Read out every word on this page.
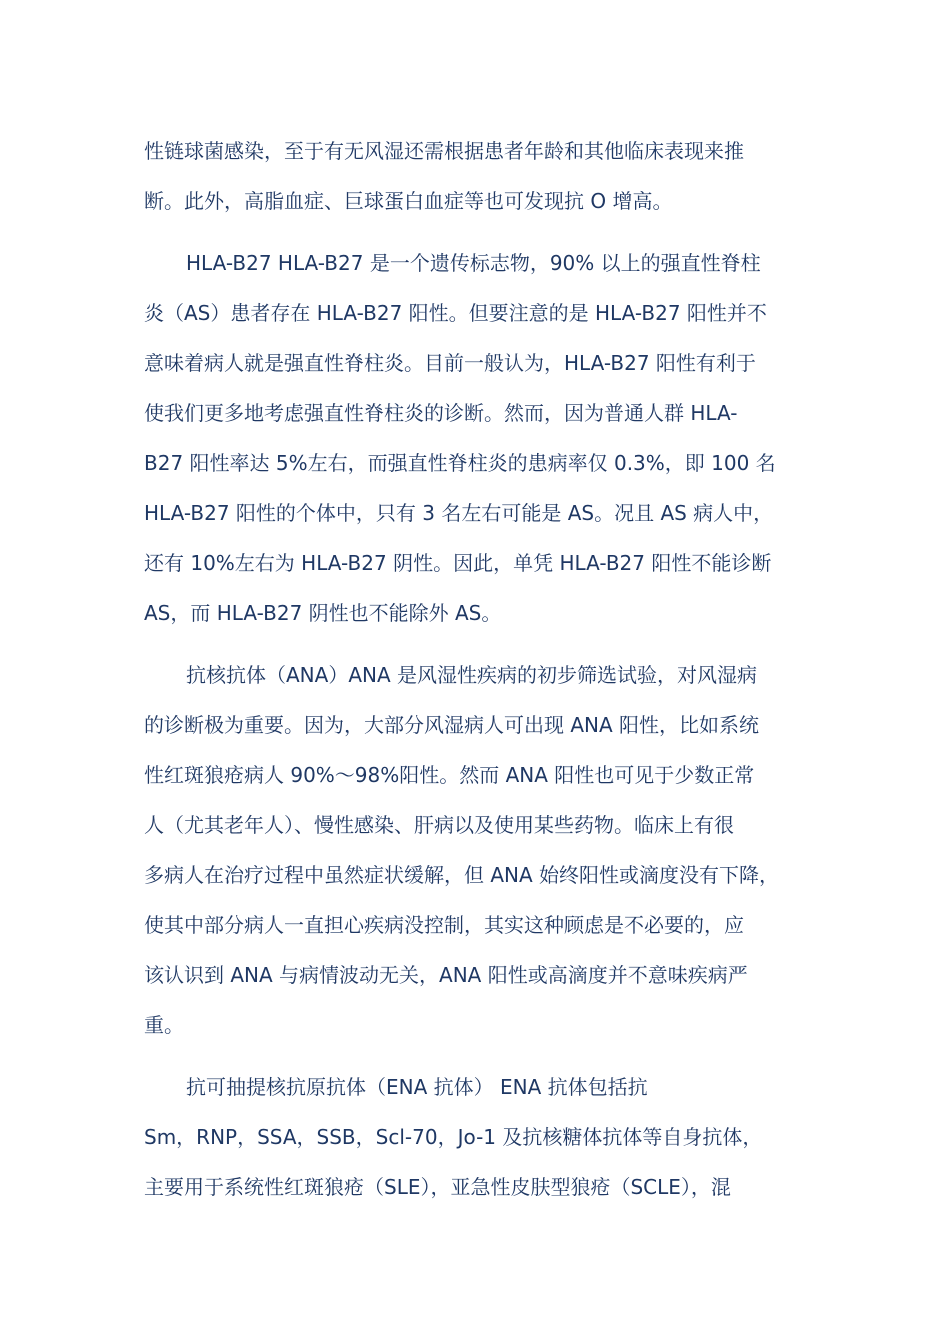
性链球菌感染，至于有无风湿还需根据患者年龄和其他临床表现来推
断。此外，高脂血症、巨球蛋白血症等也可发现抗 O 增高。
HLA-B27 HLA-B27 是一个遗传标志物，90% 以上的强直性脊柱
炎（AS）患者存在 HLA-B27 阳性。但要注意的是 HLA-B27 阳性并不
意味着病人就是强直性脊柱炎。目前一般认为，HLA-B27 阳性有利于
使我们更多地考虑强直性脊柱炎的诊断。然而，因为普通人群 HLA-
B27 阳性率达 5%左右，而强直性脊柱炎的患病率仅 0.3%，即 100 名
HLA-B27 阳性的个体中，只有 3 名左右可能是 AS。况且 AS 病人中，
还有 10%左右为 HLA-B27 阴性。因此，单凭 HLA-B27 阳性不能诊断
AS，而 HLA-B27 阴性也不能除外 AS。
抗核抗体（ANA）ANA 是风湿性疾病的初步筛选试验，对风湿病
的诊断极为重要。因为，大部分风湿病人可出现 ANA 阳性，比如系统
性红斑狼疮病人 90%～98%阳性。然而 ANA 阳性也可见于少数正常
人（尤其老年人）、慢性感染、肝病以及使用某些药物。临床上有很
多病人在治疗过程中虽然症状缓解，但 ANA 始终阳性或滴度没有下降，
使其中部分病人一直担心疾病没控制，其实这种顾虑是不必要的，应
该认识到 ANA 与病情波动无关，ANA 阳性或高滴度并不意味疾病严
重。
抗可抽提核抗原抗体（ENA 抗体） ENA 抗体包括抗
Sm，RNP，SSA，SSB，Scl-70，Jo-1 及抗核糖体抗体等自身抗体，
主要用于系统性红斑狼疮（SLE），亚急性皮肤型狼疮（SCLE），混
